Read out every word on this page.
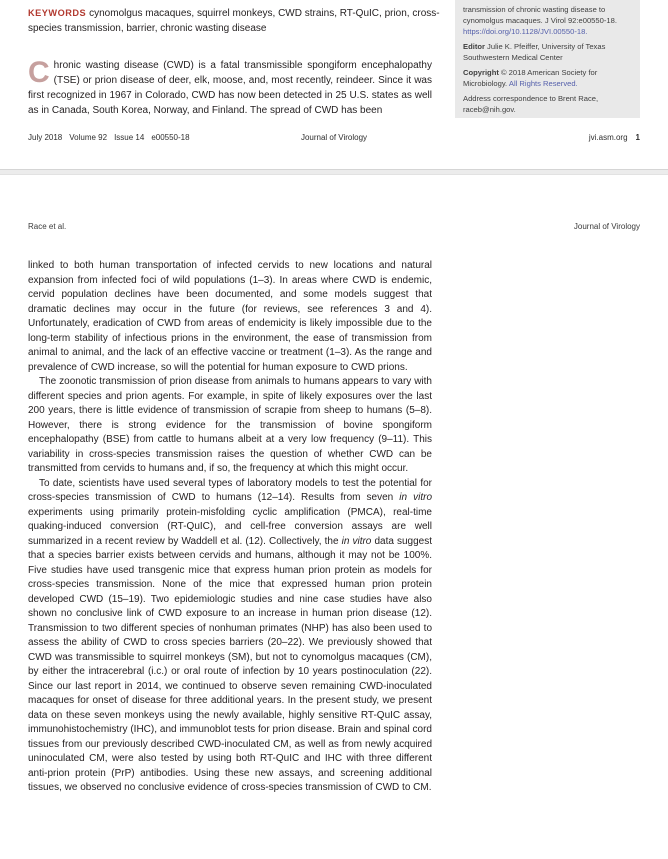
KEYWORDS cynomolgus macaques, squirrel monkeys, CWD strains, RT-QuIC, prion, cross-species transmission, barrier, chronic wasting disease

Chronic wasting disease (CWD) is a fatal transmissible spongiform encephalopathy (TSE) or prion disease of deer, elk, moose, and, most recently, reindeer. Since it was first recognized in 1967 in Colorado, CWD has now been detected in 25 U.S. states as well as in Canada, South Korea, Norway, and Finland. The spread of CWD has been

transmission of chronic wasting disease to cynomolgus macaques. J Virol 92:e00550-18. https://doi.org/10.1128/JVI.00550-18.

Editor Julie K. Pfeiffer, University of Texas Southwestern Medical Center

Copyright © 2018 American Society for Microbiology. All Rights Reserved.

Address correspondence to Brent Race, raceb@nih.gov.

July 2018 Volume 92 Issue 14 e00550-18	Journal of Virology	jvi.asm.org 1
Race et al.	Journal of Virology

linked to both human transportation of infected cervids to new locations and natural expansion from infected foci of wild populations (1–3). In areas where CWD is endemic, cervid population declines have been documented, and some models suggest that dramatic declines may occur in the future (for reviews, see references 3 and 4). Unfortunately, eradication of CWD from areas of endemicity is likely impossible due to the long-term stability of infectious prions in the environment, the ease of transmission from animal to animal, and the lack of an effective vaccine or treatment (1–3). As the range and prevalence of CWD increase, so will the potential for human exposure to CWD prions.

The zoonotic transmission of prion disease from animals to humans appears to vary with different species and prion agents. For example, in spite of likely exposures over the last 200 years, there is little evidence of transmission of scrapie from sheep to humans (5–8). However, there is strong evidence for the transmission of bovine spongiform encephalopathy (BSE) from cattle to humans albeit at a very low frequency (9–11). This variability in cross-species transmission raises the question of whether CWD can be transmitted from cervids to humans and, if so, the frequency at which this might occur.

To date, scientists have used several types of laboratory models to test the potential for cross-species transmission of CWD to humans (12–14). Results from seven in vitro experiments using primarily protein-misfolding cyclic amplification (PMCA), real-time quaking-induced conversion (RT-QuIC), and cell-free conversion assays are well summarized in a recent review by Waddell et al. (12). Collectively, the in vitro data suggest that a species barrier exists between cervids and humans, although it may not be 100%. Five studies have used transgenic mice that express human prion protein as models for cross-species transmission. None of the mice that expressed human prion protein developed CWD (15–19). Two epidemiologic studies and nine case studies have also shown no conclusive link of CWD exposure to an increase in human prion disease (12). Transmission to two different species of nonhuman primates (NHP) has also been used to assess the ability of CWD to cross species barriers (20–22). We previously showed that CWD was transmissible to squirrel monkeys (SM), but not to cynomolgus macaques (CM), by either the intracerebral (i.c.) or oral route of infection by 10 years postinoculation (22). Since our last report in 2014, we continued to observe seven remaining CWD-inoculated macaques for onset of disease for three additional years. In the present study, we present data on these seven monkeys using the newly available, highly sensitive RT-QuIC assay, immunohistochemistry (IHC), and immunoblot tests for prion disease. Brain and spinal cord tissues from our previously described CWD-inoculated CM, as well as from newly acquired uninoculated CM, were also tested by using both RT-QuIC and IHC with three different anti-prion protein (PrP) antibodies. Using these new assays, and screening additional tissues, we observed no conclusive evidence of cross-species transmission of CWD to CM.
